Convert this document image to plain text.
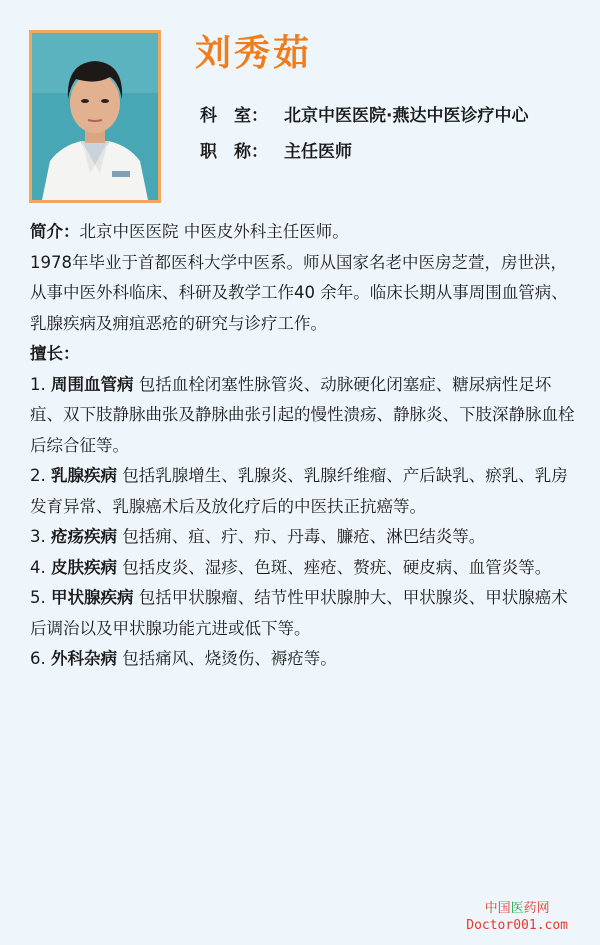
刘秀茹
科　室： 北京中医医院·燕达中医诊疗中心
职　称： 主任医师

简介：北京中医医院 中医皮外科主任医师。

1978年毕业于首都医科大学中医系。师从国家名老中医房芝萱，房世洪，从事中医外科临床、科研及教学工作40 余年。临床长期从事周围血管病、乳腺疾病及痈疽恶疮的研究与诊疗工作。

擅长：

1. 周围血管病 包括血栓闭塞性脉管炎、动脉硬化闭塞症、糖尿病性足坏疽、双下肢静脉曲张及静脉曲张引起的慢性溃疡、静脉炎、下肢深静脉血栓后综合征等。

2. 乳腺疾病 包括乳腺增生、乳腺炎、乳腺纤维瘤、产后缺乳、瘀乳、乳房发育异常、乳腺癌术后及放化疗后的中医扶正抗癌等。

3. 疮疡疾病 包括痈、疽、疔、疖、丹毒、臁疮、淋巴结炎等。

4. 皮肤疾病 包括皮炎、湿疹、色斑、痤疮、赘疣、硬皮病、血管炎等。

5. 甲状腺疾病 包括甲状腺瘤、结节性甲状腺肿大、甲状腺炎、甲状腺癌术后调治以及甲状腺功能亢进或低下等。

6. 外科杂病 包括痛风、烧烫伤、褥疮等。

中国医药网
Doctor001.com
